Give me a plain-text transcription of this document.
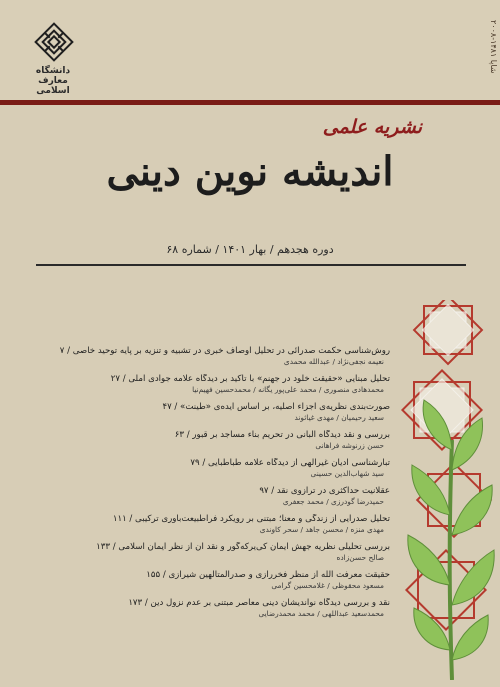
شاپا ۱۴۸۱-۲۰۰۸
دانشگاه معارف اسلامی
نشریه علمی
اندیشه نوین دینی
دوره هجدهم / بهار ۱۴۰۱ / شماره ۶۸
روش‌شناسی حکمت صدرائی در تحلیل اوصاف خبری در تشبیه و تنزیه بر پایه توحید خاصی / ۷
نعیمه نجفی‌نژاد / عبدالله محمدی
تحلیل مبنایی «حقیقت خلود در جهنم» با تأکید بر دیدگاه علامه جوادی آملی / ۲۷
محمدهادی منصوری / محمد علی‌پور یگانه / محمدحسین فهیم‌نیا
صورت‌بندی نظریه‌ی اجزاء اصلیه، بر اساس ایده‌ی «طینت» / ۴۷
سعید رحیمیان / مهدی غیاثوند
بررسی و نقد دیدگاه البانی در تحریم بناء مساجد بر قبور / ۶۳
حسن زرنوشه فراهانی
تبارشناسی ادیان غیرالهی از دیدگاه علامه طباطبایی / ۷۹
سید شهاب‌الدین حسینی
عقلانیت حداکثری در ترازوی نقد / ۹۷
حمیدرضا گودرزی / محمد جعفری
تحلیل صدرایی از زندگی و معنا؛ مبتنی بر رویکرد فراطبیعت‌باوری ترکیبی / ۱۱۱
مهدی منزه / محسن جاهد / سحر کاوندی
بررسی تحلیلی نظریه جهش ایمان کی‌یرکه‌گور و نقد آن از نظر ایمان اسلامی / ۱۳۳
صالح حسن‌زاده
حقیقت معرفت الله از منظر فخررازی و صدرالمتألهین شیرازی / ۱۵۵
مسعود محقوظی / غلامحسین گرامی
نقد و بررسی دیدگاه نواندیشان دینی معاصر مبتنی بر عدم نزول دین / ۱۷۳
محمدسعید عبداللهی / محمد محمدرضایی
